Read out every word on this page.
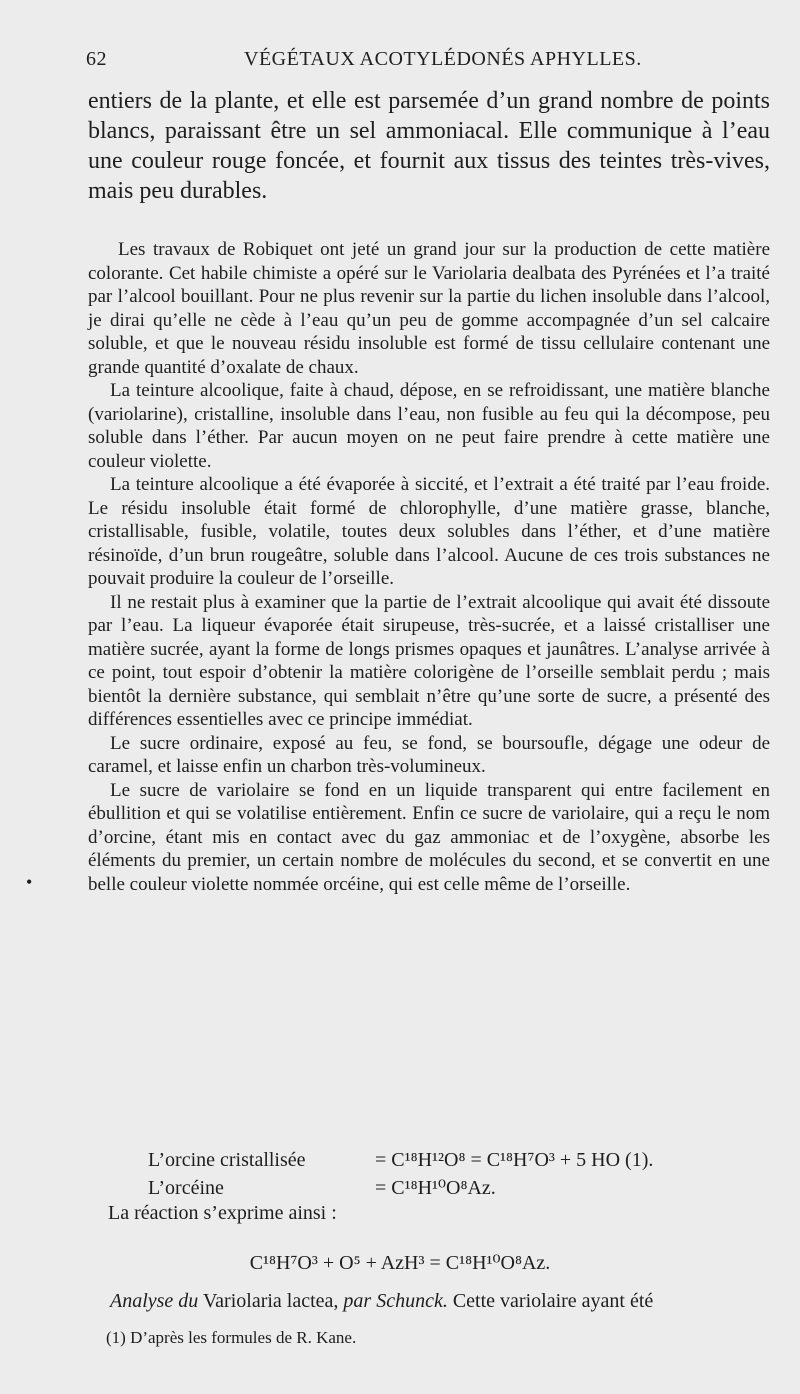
62	VÉGÉTAUX ACOTYLÉDONÉS APHYLLES.
entiers de la plante, et elle est parsemée d’un grand nombre de points blancs, paraissant être un sel ammoniacal. Elle communique à l’eau une couleur rouge foncée, et fournit aux tissus des teintes très-vives, mais peu durables.

Les travaux de Robiquet ont jeté un grand jour sur la production de cette matière colorante. Cet habile chimiste a opéré sur le Variolaria dealbata des Pyrénées et l’a traité par l’alcool bouillant. Pour ne plus revenir sur la partie du lichen insoluble dans l’alcool, je dirai qu’elle ne cède à l’eau qu’un peu de gomme accompagnée d’un sel calcaire soluble, et que le nouveau résidu insoluble est formé de tissu cellulaire contenant une grande quantité d’oxalate de chaux.

La teinture alcoolique, faite à chaud, dépose, en se refroidissant, une matière blanche (variolarine), cristalline, insoluble dans l’eau, non fusible au feu qui la décompose, peu soluble dans l’éther. Par aucun moyen on ne peut faire prendre à cette matière une couleur violette.

La teinture alcoolique a été évaporée à siccité, et l’extrait a été traité par l’eau froide. Le résidu insoluble était formé de chlorophylle, d’une matière grasse, blanche, cristallisable, fusible, volatile, toutes deux solubles dans l’éther, et d’une matière résinoïde, d’un brun rougeâtre, soluble dans l’alcool. Aucune de ces trois substances ne pouvait produire la couleur de l’orseille.

Il ne restait plus à examiner que la partie de l’extrait alcoolique qui avait été dissoute par l’eau. La liqueur évaporée était sirupeuse, très-sucrée, et a laissé cristalliser une matière sucrée, ayant la forme de longs prismes opaques et jaunâtres. L’analyse arrivée à ce point, tout espoir d’obtenir la matière colorigène de l’orseille semblait perdu ; mais bientôt la dernière substance, qui semblait n’être qu’une sorte de sucre, a présenté des différences essentielles avec ce principe immédiat.

Le sucre ordinaire, exposé au feu, se fond, se boursoufle, dégage une odeur de caramel, et laisse enfin un charbon très-volumineux.

Le sucre de variolaire se fond en un liquide transparent qui entre facilement en ébullition et qui se volatilise entièrement. Enfin ce sucre de variolaire, qui a reçu le nom d’orcine, étant mis en contact avec du gaz ammoniac et de l’oxygène, absorbe les éléments du premier, un certain nombre de molécules du second, et se convertit en une belle couleur violette nommée orcéine, qui est celle même de l’orseille.

•
L’orcine cristallisée	= C¹⁸H¹²O⁸ = C¹⁸H⁷O³ + 5 HO (1).
L’orcéine	= C¹⁸H¹⁰O⁸Az.
La réaction s’exprime ainsi :
C¹⁸H⁷O³ + O⁵ + AzH³ = C¹⁸H¹⁰O⁸Az.
Analyse du Variolaria lactea, par Schunck. Cette variolaire ayant été
(1) D’après les formules de R. Kane.
